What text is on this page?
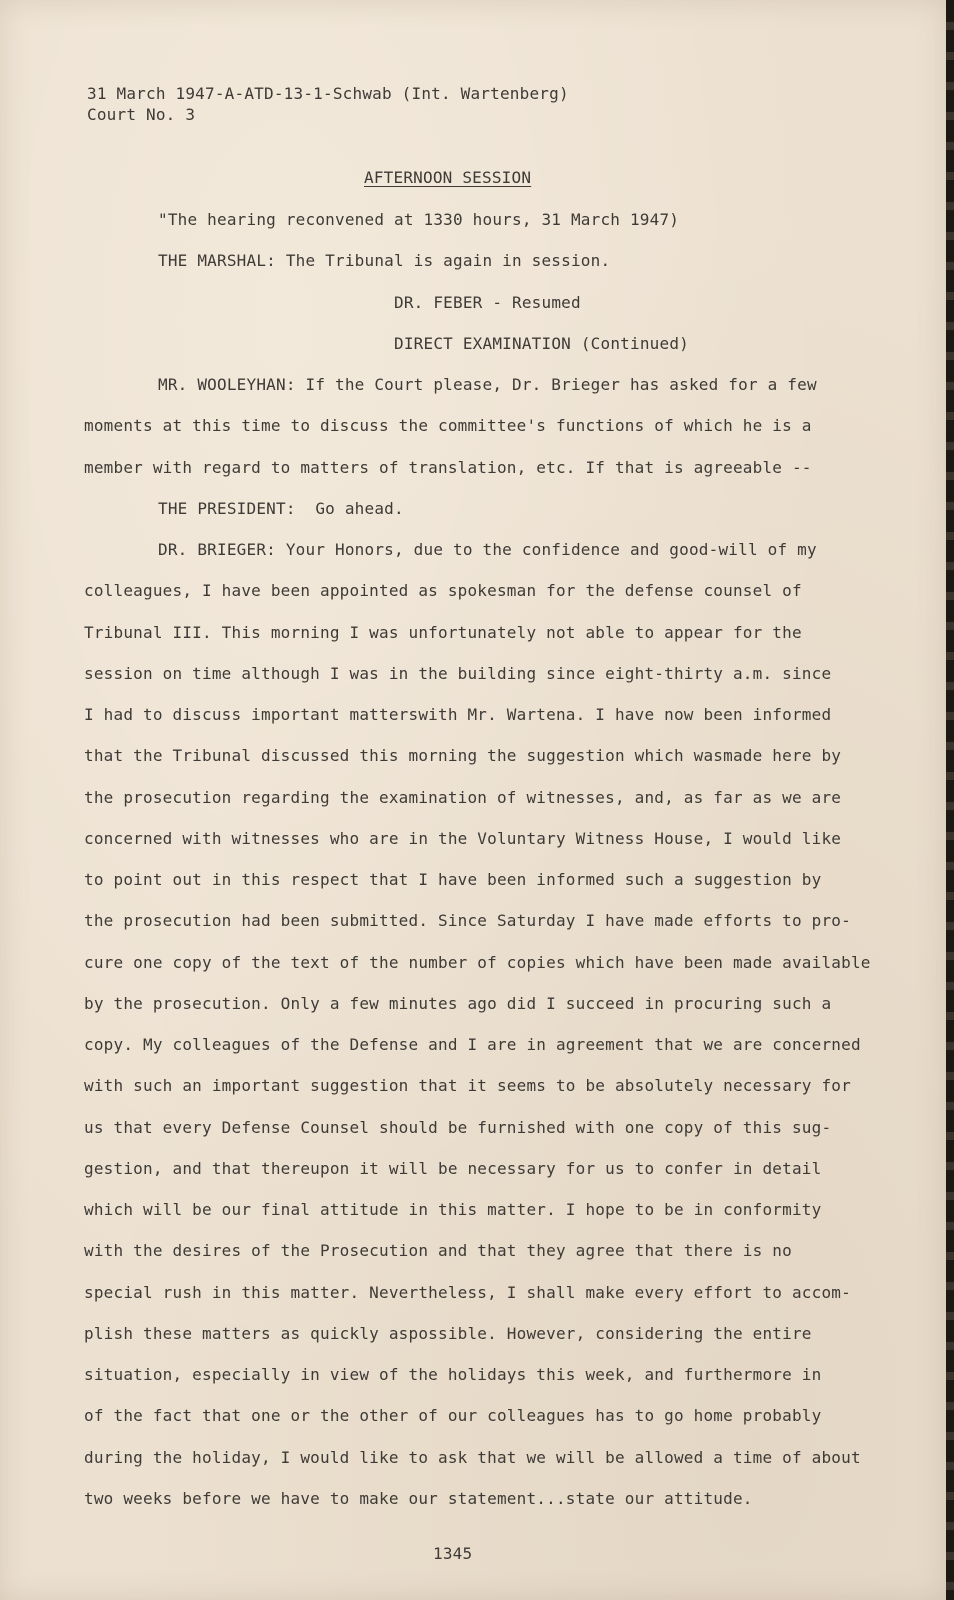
31 March 1947-A-ATD-13-1-Schwab (Int. Wartenberg)
Court No. 3
AFTERNOON SESSION
"The hearing reconvened at 1330 hours, 31 March 1947)
THE MARSHAL: The Tribunal is again in session.
DR. FEBER - Resumed
DIRECT EXAMINATION (Continued)
MR. WOOLEYHAN: If the Court please, Dr. Brieger has asked for a few
moments at this time to discuss the committee's functions of which he is a
member with regard to matters of translation, etc. If that is agreeable --
THE PRESIDENT:  Go ahead.
DR. BRIEGER: Your Honors, due to the confidence and good-will of my
colleagues, I have been appointed as spokesman for the defense counsel of
Tribunal III. This morning I was unfortunately not able to appear for the
session on time although I was in the building since eight-thirty a.m. since
I had to discuss important matterswith Mr. Wartena. I have now been informed
that the Tribunal discussed this morning the suggestion which wasmade here by
the prosecution regarding the examination of witnesses, and, as far as we are
concerned with witnesses who are in the Voluntary Witness House, I would like
to point out in this respect that I have been informed such a suggestion by
the prosecution had been submitted. Since Saturday I have made efforts to pro-
cure one copy of the text of the number of copies which have been made available
by the prosecution. Only a few minutes ago did I succeed in procuring such a
copy. My colleagues of the Defense and I are in agreement that we are concerned
with such an important suggestion that it seems to be absolutely necessary for
us that every Defense Counsel should be furnished with one copy of this sug-
gestion, and that thereupon it will be necessary for us to confer in detail
which will be our final attitude in this matter. I hope to be in conformity
with the desires of the Prosecution and that they agree that there is no
special rush in this matter. Nevertheless, I shall make every effort to accom-
plish these matters as quickly aspossible. However, considering the entire
situation, especially in view of the holidays this week, and furthermore in
of the fact that one or the other of our colleagues has to go home probably
during the holiday, I would like to ask that we will be allowed a time of about
two weeks before we have to make our statement...state our attitude.
1345
